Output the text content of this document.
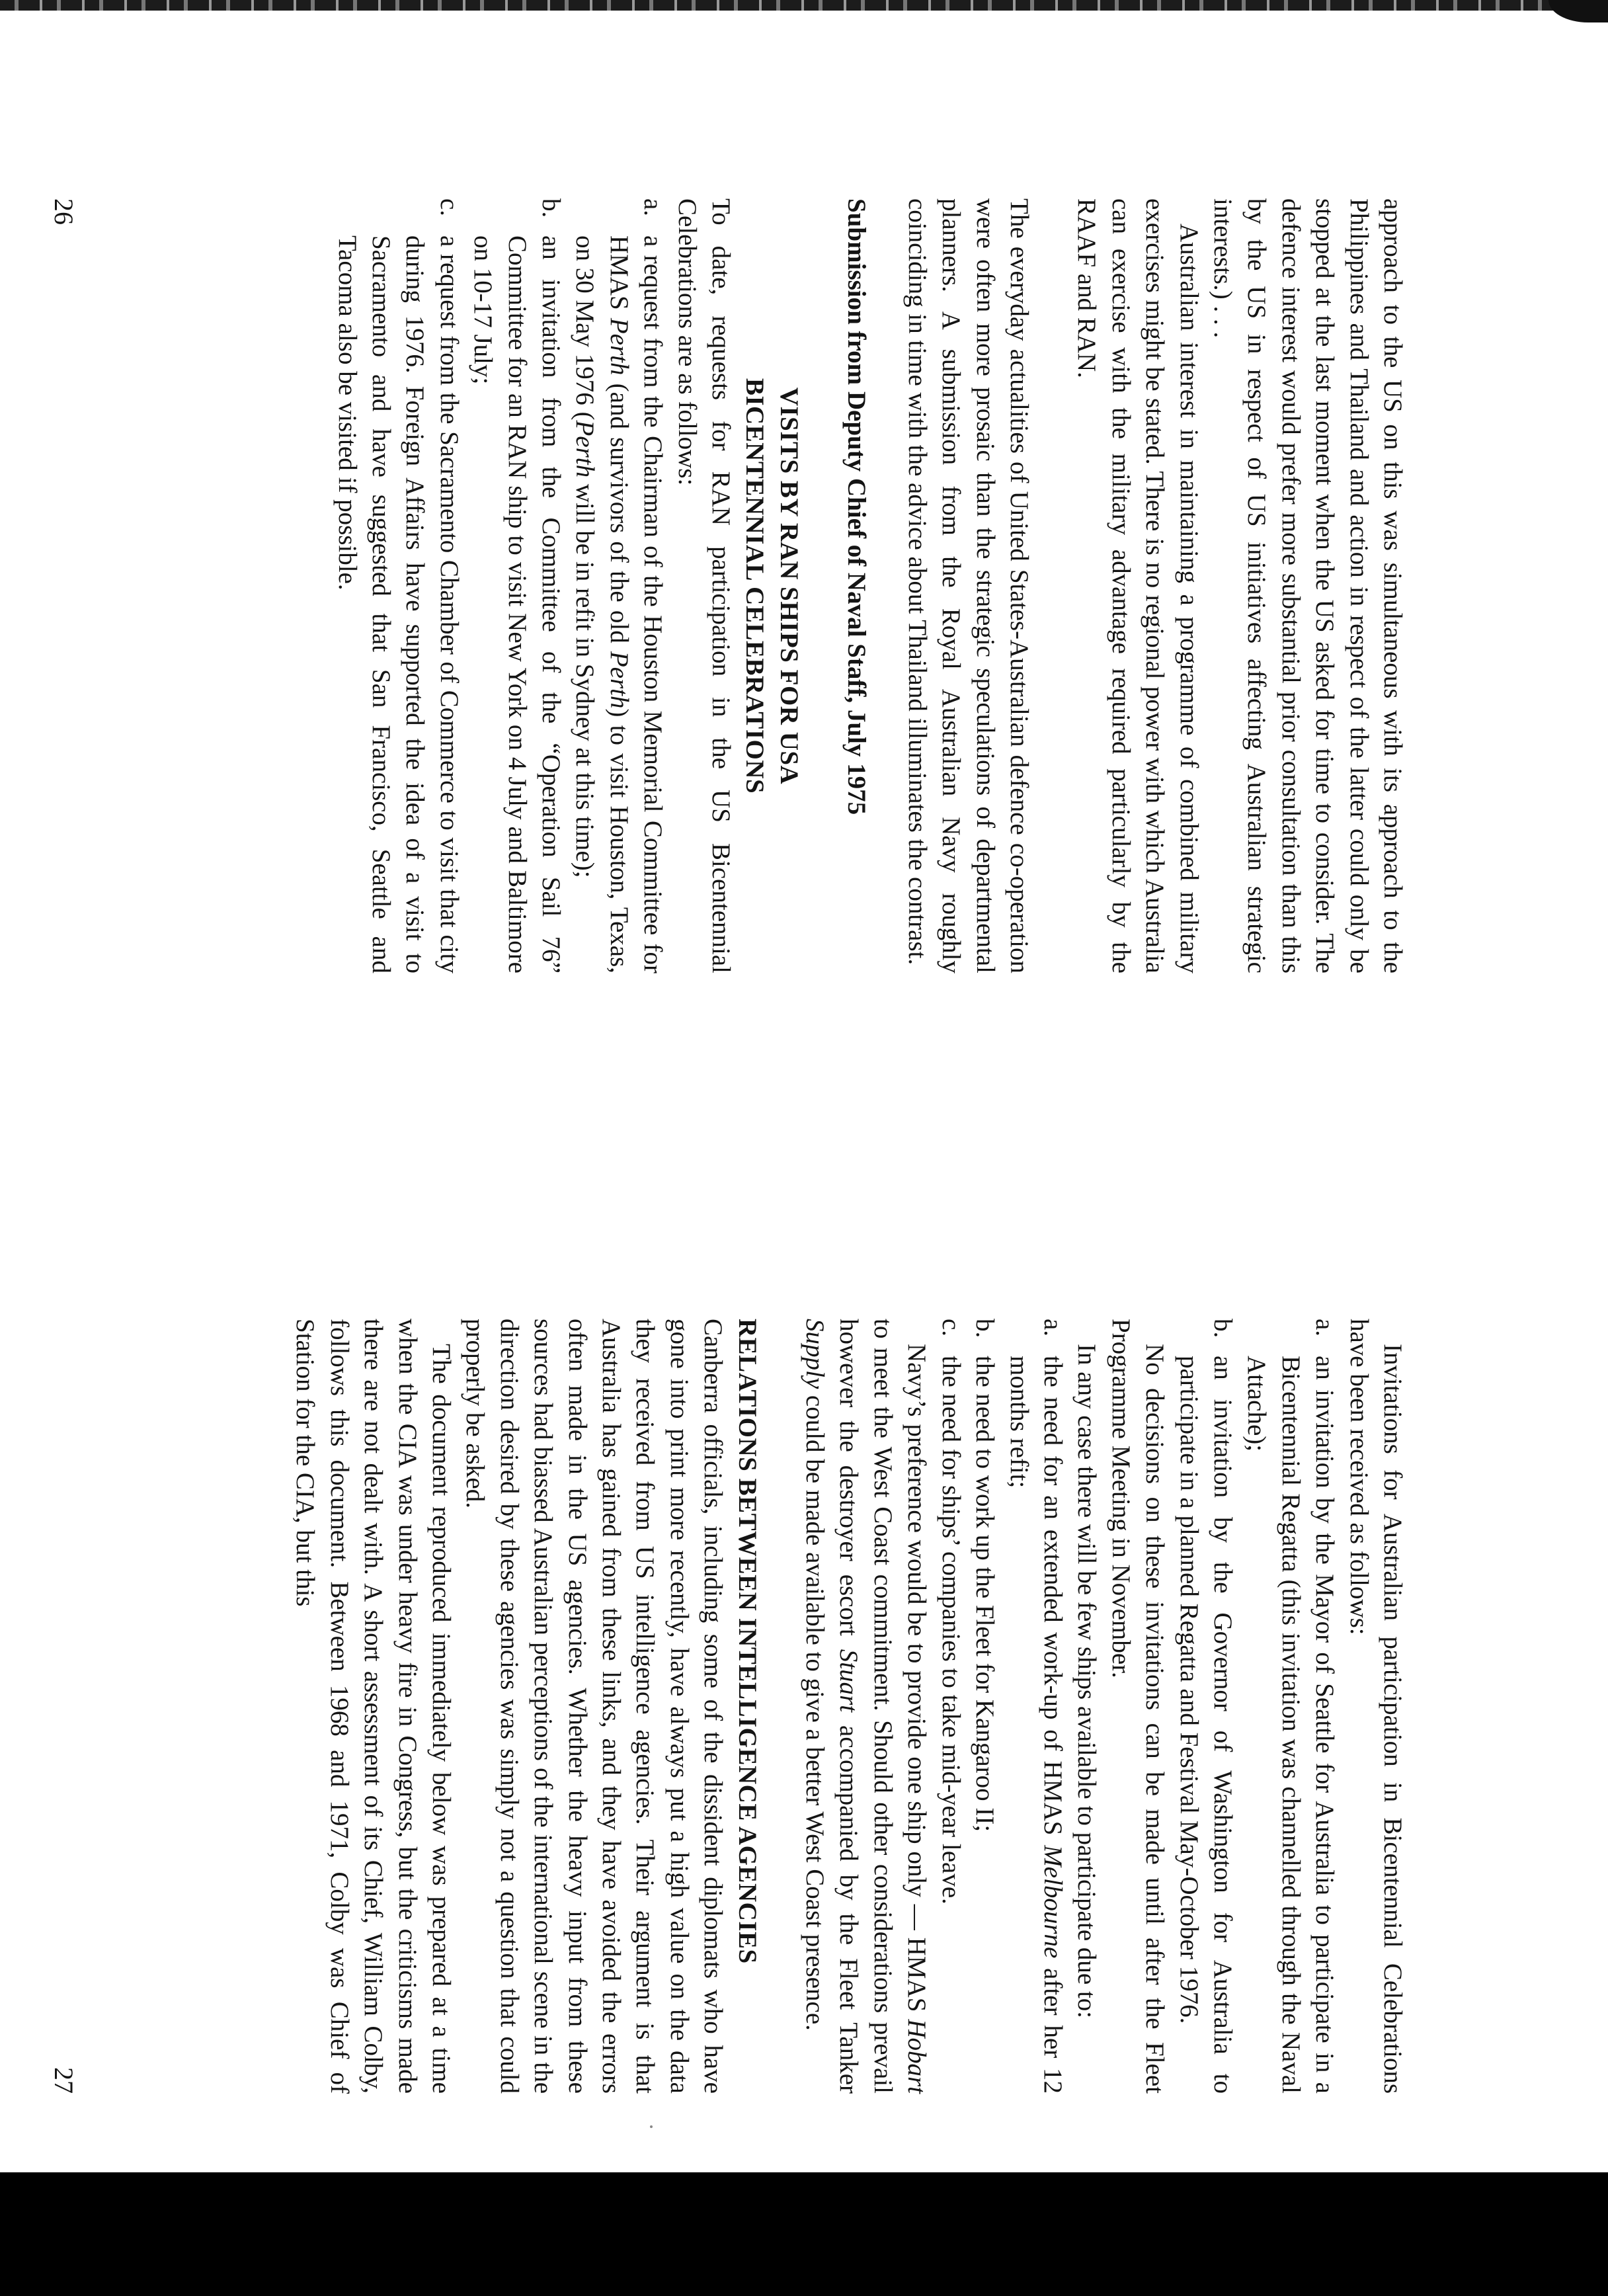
approach to the US on this was simultaneous with its approach to the Philippines and Thailand and action in respect of the latter could only be stopped at the last moment when the US asked for time to consider. The defence interest would prefer more substantial prior consultation than this by the US in respect of US initiatives affecting Australian strategic interests.) . . .

Australian interest in maintaining a programme of combined military exercises might be stated. There is no regional power with which Australia can exercise with the military advantage required particularly by the RAAF and RAN.

The everyday actualities of United States-Australian defence co-operation were often more prosaic than the strategic speculations of departmental planners. A submission from the Royal Australian Navy roughly coinciding in time with the advice about Thailand illuminates the contrast.

Submission from Deputy Chief of Naval Staff, July 1975

VISITS BY RAN SHIPS FOR USA
BICENTENNIAL CELEBRATIONS

To date, requests for RAN participation in the US Bicentennial Celebrations are as follows:

a.
a request from the Chairman of the Houston Memorial Committee for HMAS Perth (and survivors of the old Perth) to visit Houston, Texas, on 30 May 1976 (Perth will be in refit in Sydney at this time);
b.
an invitation from the Committee of the “Operation Sail 76” Committee for an RAN ship to visit New York on 4 July and Baltimore on 10-17 July;
c.
a request from the Sacramento Chamber of Commerce to visit that city during 1976. Foreign Affairs have supported the idea of a visit to Sacramento and have suggested that San Francisco, Seattle and Tacoma also be visited if possible.
26

Invitations for Australian participation in Bicentennial Celebrations have been received as follows:

a.
an invitation by the Mayor of Seattle for Australia to participate in a Bicentennial Regatta (this invitation was channelled through the Naval Attache);
b.
an invitation by the Governor of Washington for Australia to participate in a planned Regatta and Festival May-October 1976.

No decisions on these invitations can be made until after the Fleet Programme Meeting in November.

In any case there will be few ships available to participate due to:

a.
the need for an extended work-up of HMAS Melbourne after her 12 months refit;
b.
the need to work up the Fleet for Kangaroo II;
c.
the need for ships’ companies to take mid-year leave.

Navy’s preference would be to provide one ship only — HMAS Hobart to meet the West Coast commitment. Should other considerations prevail however the destroyer escort Stuart accompanied by the Fleet Tanker Supply could be made available to give a better West Coast presence.

RELATIONS BETWEEN INTELLIGENCE AGENCIES

Canberra officials, including some of the dissident diplomats who have gone into print more recently, have always put a high value on the data they received from US intelligence agencies. Their argument is that Australia has gained from these links, and they have avoided the errors often made in the US agencies. Whether the heavy input from these sources had biassed Australian perceptions of the international scene in the direction desired by these agencies was simply not a question that could properly be asked.

The document reproduced immediately below was prepared at a time when the CIA was under heavy fire in Congress, but the criticisms made there are not dealt with. A short assessment of its Chief, William Colby, follows this document. Between 1968 and 1971, Colby was Chief of Station for the CIA, but this

27
